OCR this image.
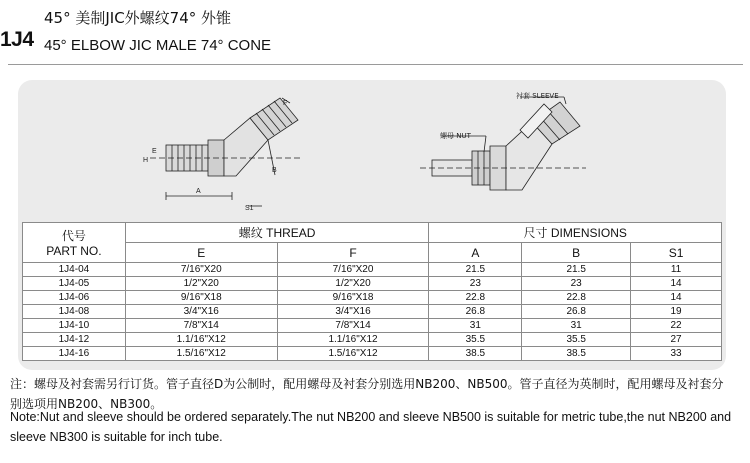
1J4
45° 美制JIC外螺纹74° 外锥
45° ELBOW JIC MALE 74° CONE
A
B
E
F
H
S1
衬套 SLEEVE
螺母 NUT
代号
PART NO.	螺纹 THREAD		尺寸 DIMENSIONS		
	E	F	A	B	S1
1J4-04	7/16"X20	7/16"X20	21.5	21.5	11
1J4-05	1/2"X20	1/2"X20	23	23	14
1J4-06	9/16"X18	9/16"X18	22.8	22.8	14
1J4-08	3/4"X16	3/4"X16	26.8	26.8	19
1J4-10	7/8"X14	7/8"X14	31	31	22
1J4-12	1.1/16"X12	1.1/16"X12	35.5	35.5	27
1J4-16	1.5/16"X12	1.5/16"X12	38.5	38.5	33
注：螺母及衬套需另行订货。管子直径D为公制时，配用螺母及衬套分别选用NB200、NB500。管子直径为英制时，配用螺母及衬套分别选项用NB200、NB300。
Note:Nut and sleeve should be ordered separately.The nut NB200 and sleeve NB500 is suitable for metric tube,the nut NB200 and sleeve NB300 is suitable for inch tube.
